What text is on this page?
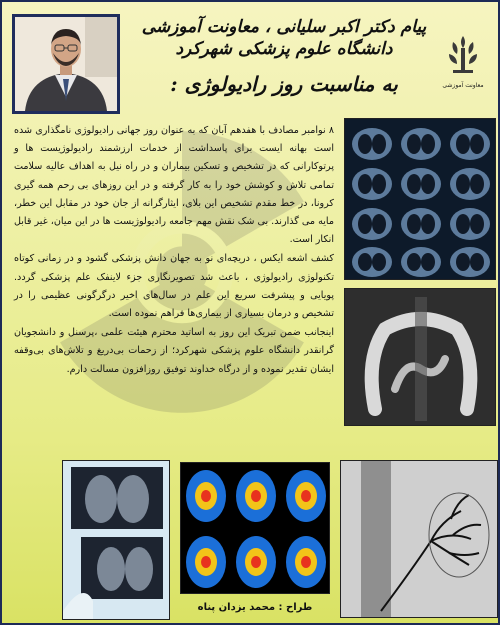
پیام دکتر اکبر سلیانی ، معاونت آموزشی دانشگاه علوم پزشکی شهرکرد
به مناسبت روز رادیولوژی :	معاونت آموزشی

۸ نوامبر مصادف با هفدهم آبان که به عنوان روز جهانی رادیولوژی نامگذاری شده است بهانه ایست برای پاسداشت از خدمات ارزشمند رادیولوژیست ها و پرتوکارانی که در تشخیص و تسکین بیماران و در راه نیل به اهداف عالیه سلامت تمامی تلاش و کوشش خود را به کار گرفته و در این روزهای بی رحم همه گیری کرونا، در خط مقدم تشخیص این بلای، ایثارگرانه از جان خود در مقابل این خطر، مایه می گذارند. بی شک نقش مهم جامعه رادیولوژیست ها در این میان، غیر قابل انکار است.

کشف اشعه ایکس ، دریچه‌ای نو به جهان دانش پزشکی گشود و در زمانی کوتاه تکنولوژی رادیولوژی ، باعث شد تصویرنگاری جزء لاینفک علم پزشکی گردد. پویایی و پیشرفت سریع این علم در سال‌های اخیر درگرگونی عظیمی را در تشخیص و درمان بسیاری از بیماری‌ها فراهم نموده است.

اینجانب ضمن تبریک این روز به اساتید محترم هیئت علمی ،پرسنل و دانشجویان گرانقدر دانشگاه علوم پزشکی شهرکرد؛ از زحمات بی‌دریغ و تلاش‌های بی‌وقفه ایشان تقدیر نموده و از درگاه خداوند توفیق روزافزون مسالت دارم.

طراح : محمد یزدان پناه
